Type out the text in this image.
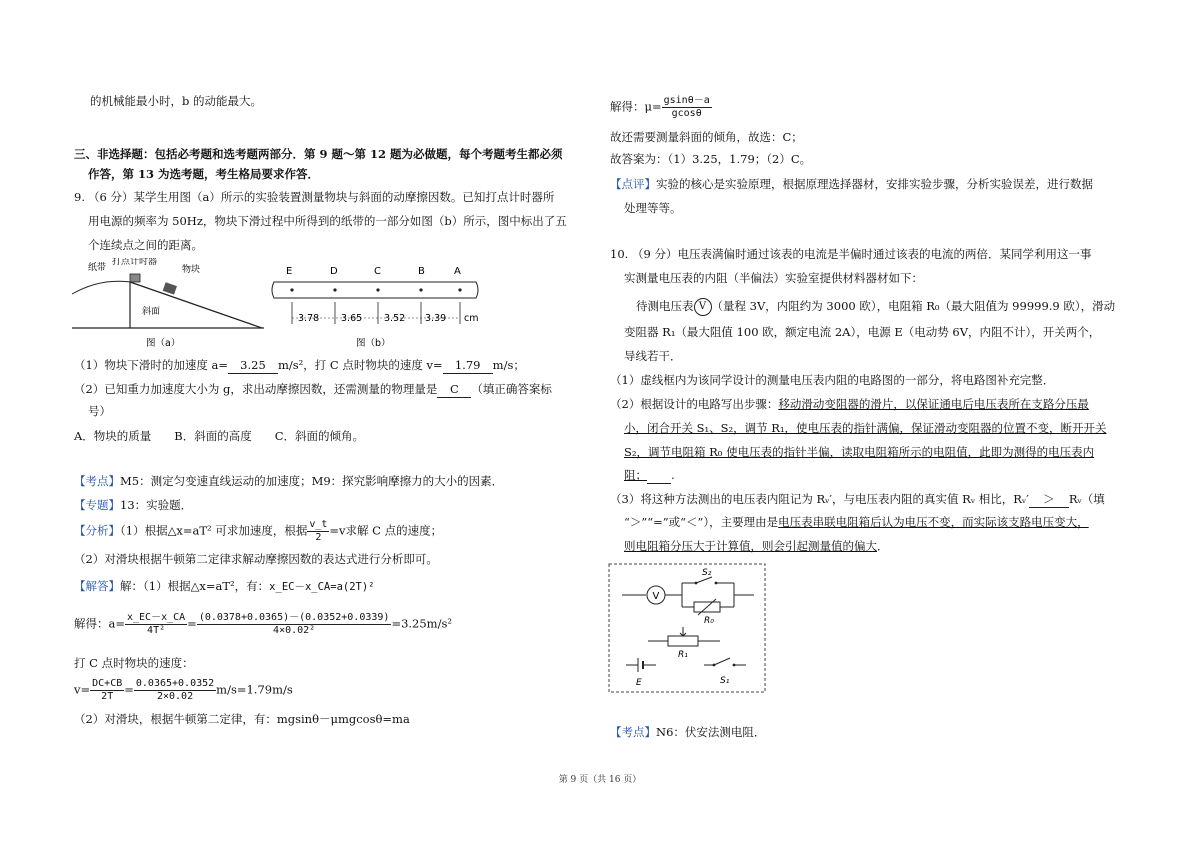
的机械能最小时，b 的动能最大。
三、非选择题：包括必考题和选考题两部分．第 9 题～第 12 题为必做题，每个考题考生都必须
作答，第 13 为选考题，考生格局要求作答．
9. （6 分）某学生用图（a）所示的实验装置测量物块与斜面的动摩擦因数。已知打点计时器所
用电源的频率为 50Hz，物块下滑过程中所得到的纸带的一部分如图（b）所示，图中标出了五
个连续点之间的距离。
纸带
打点计时器
物块
斜面
图（a）
E	D	C	B	A
3.78 3.65 3.52 3.39 cm
图（b）
（1）物块下滑时的加速度 a= 3.25 m/s²，打 C 点时物块的速度 v= 1.79 m/s；
（2）已知重力加速度大小为 g，求出动摩擦因数，还需测量的物理量是 C （填正确答案标
号）
A．物块的质量　　B．斜面的高度　　C．斜面的倾角。
【考点】M5：测定匀变速直线运动的加速度；M9：探究影响摩擦力的大小的因素．
【专题】13：实验题．
【分析】（1）根据△x=aT² 可求加速度，根据 $\frac{v\_t}{2} =v$求解 C 点的速度；
（2）对滑块根据牛顿第二定律求解动摩擦因数的表达式进行分析即可。
【解答】解：（1）根据△x=aT²，有：x_EC－x_CA=a(2T)²
解得：$a= \frac{x\_EC-x\_CA}{\text{4T²}} = \frac{(0.0378+0.0365)-(0.0352+0.0339)}{\text{4×0.02²}} =3.25m/s^2$
打 C 点时物块的速度：
$v= \frac{DC+CB}{2T} = \frac{0.0365+0.0352}{2\times 0.02} m/s=1.79m/s$
（2）对滑块，根据牛顿第二定律，有：mgsinθ－μmgcosθ=ma
解得：$\mu= \frac{gsin\theta-a}{gcos\theta}$
故还需要测量斜面的倾角，故选：C；
故答案为：（1）3.25，1.79；（2）C。
【点评】实验的核心是实验原理，根据原理选择器材，安排实验步骤，分析实验误差，进行数据
处理等等。
10. （9 分）电压表满偏时通过该表的电流是半偏时通过该表的电流的两倍．某同学利用这一事
实测量电压表的内阻（半偏法）实验室提供材料器材如下：
待测电压表 V （量程 3V，内阻约为 3000 欧），电阻箱 R₀（最大阻值为 99999.9 欧），滑动
变阻器 R₁（最大阻值 100 欧，额定电流 2A），电源 E（电动势 6V，内阻不计），开关两个，
导线若干．
（1）虚线框内为该同学设计的测量电压表内阻的电路图的一部分，将电路图补充完整．
（2）根据设计的电路写出步骤：移动滑动变阻器的滑片，以保证通电后电压表所在支路分压最
小，闭合开关 S₁、S₂，调节 R₁，使电压表的指针满偏，保证滑动变阻器的位置不变，断开开关
S₂，调节电阻箱 R₀ 使电压表的指针半偏，读取电阻箱所示的电阻值，此即为测得的电压表内
阻； .
（3）将这种方法测出的电压表内阻记为 Rᵥ′，与电压表内阻的真实值 Rᵥ 相比，Rᵥ′ ＞ Rᵥ（填
“＞”“=”或“＜”），主要理由是电压表串联电阻箱后认为电压不变，而实际该支路电压变大，
则电阻箱分压大于计算值，则会引起测量值的偏大．
V
S₂
R₀
R₁
E	S₁
【考点】N6：伏安法测电阻．
第 9 页（共 16 页）
